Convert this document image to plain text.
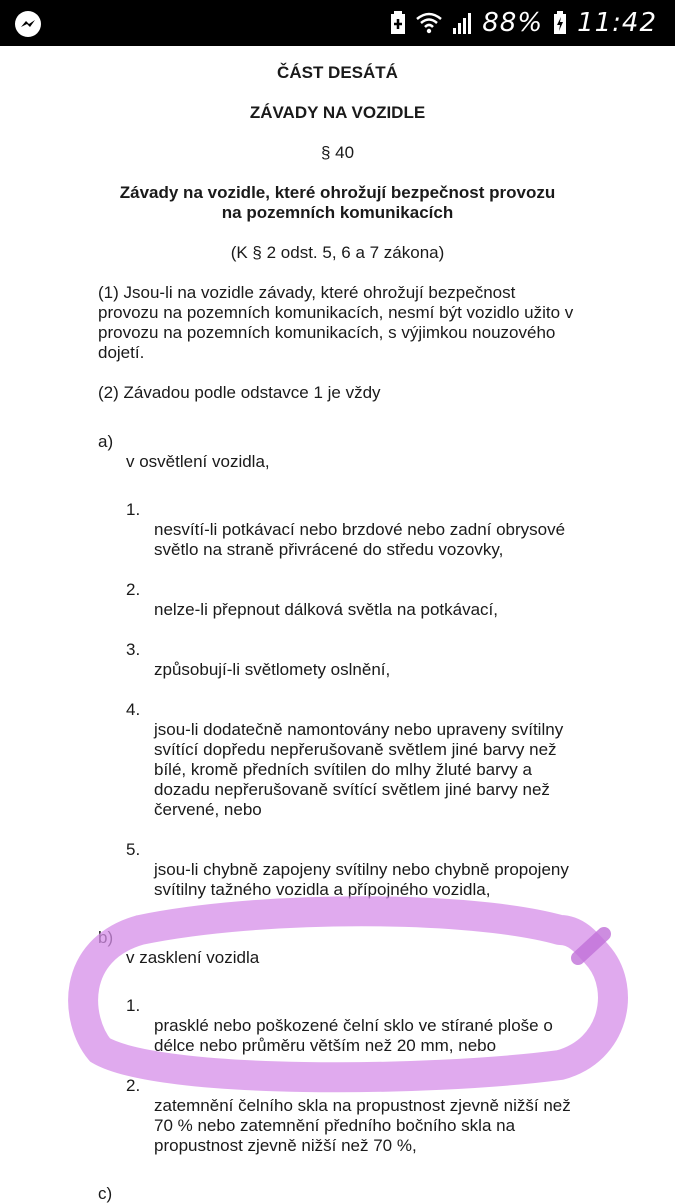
88% 11:42
ČÁST DESÁTÁ
ZÁVADY NA VOZIDLE
§ 40
Závady na vozidle, které ohrožují bezpečnost provozu
na pozemních komunikacích
(K § 2 odst. 5, 6 a 7 zákona)
(1) Jsou-li na vozidle závady, které ohrožují bezpečnost
provozu na pozemních komunikacích, nesmí být vozidlo užito v
provozu na pozemních komunikacích, s výjimkou nouzového
dojetí.
(2) Závadou podle odstavce 1 je vždy
a)
v osvětlení vozidla,
1.
nesvítí-li potkávací nebo brzdové nebo zadní obrysové
světlo na straně přivrácené do středu vozovky,
2.
nelze-li přepnout dálková světla na potkávací,
3.
způsobují-li světlomety oslnění,
4.
jsou-li dodatečně namontovány nebo upraveny svítilny
svítící dopředu nepřerušovaně světlem jiné barvy než
bílé, kromě předních svítilen do mlhy žluté barvy a
dozadu nepřerušovaně svítící světlem jiné barvy než
červené, nebo
5.
jsou-li chybně zapojeny svítilny nebo chybně propojeny
svítilny tažného vozidla a přípojného vozidla,
b)
v zasklení vozidla
1.
prasklé nebo poškozené čelní sklo ve stírané ploše o
délce nebo průměru větším než 20 mm, nebo
2.
zatemnění čelního skla na propustnost zjevně nižší než
70 % nebo zatemnění předního bočního skla na
propustnost zjevně nižší než 70 %,
c)
